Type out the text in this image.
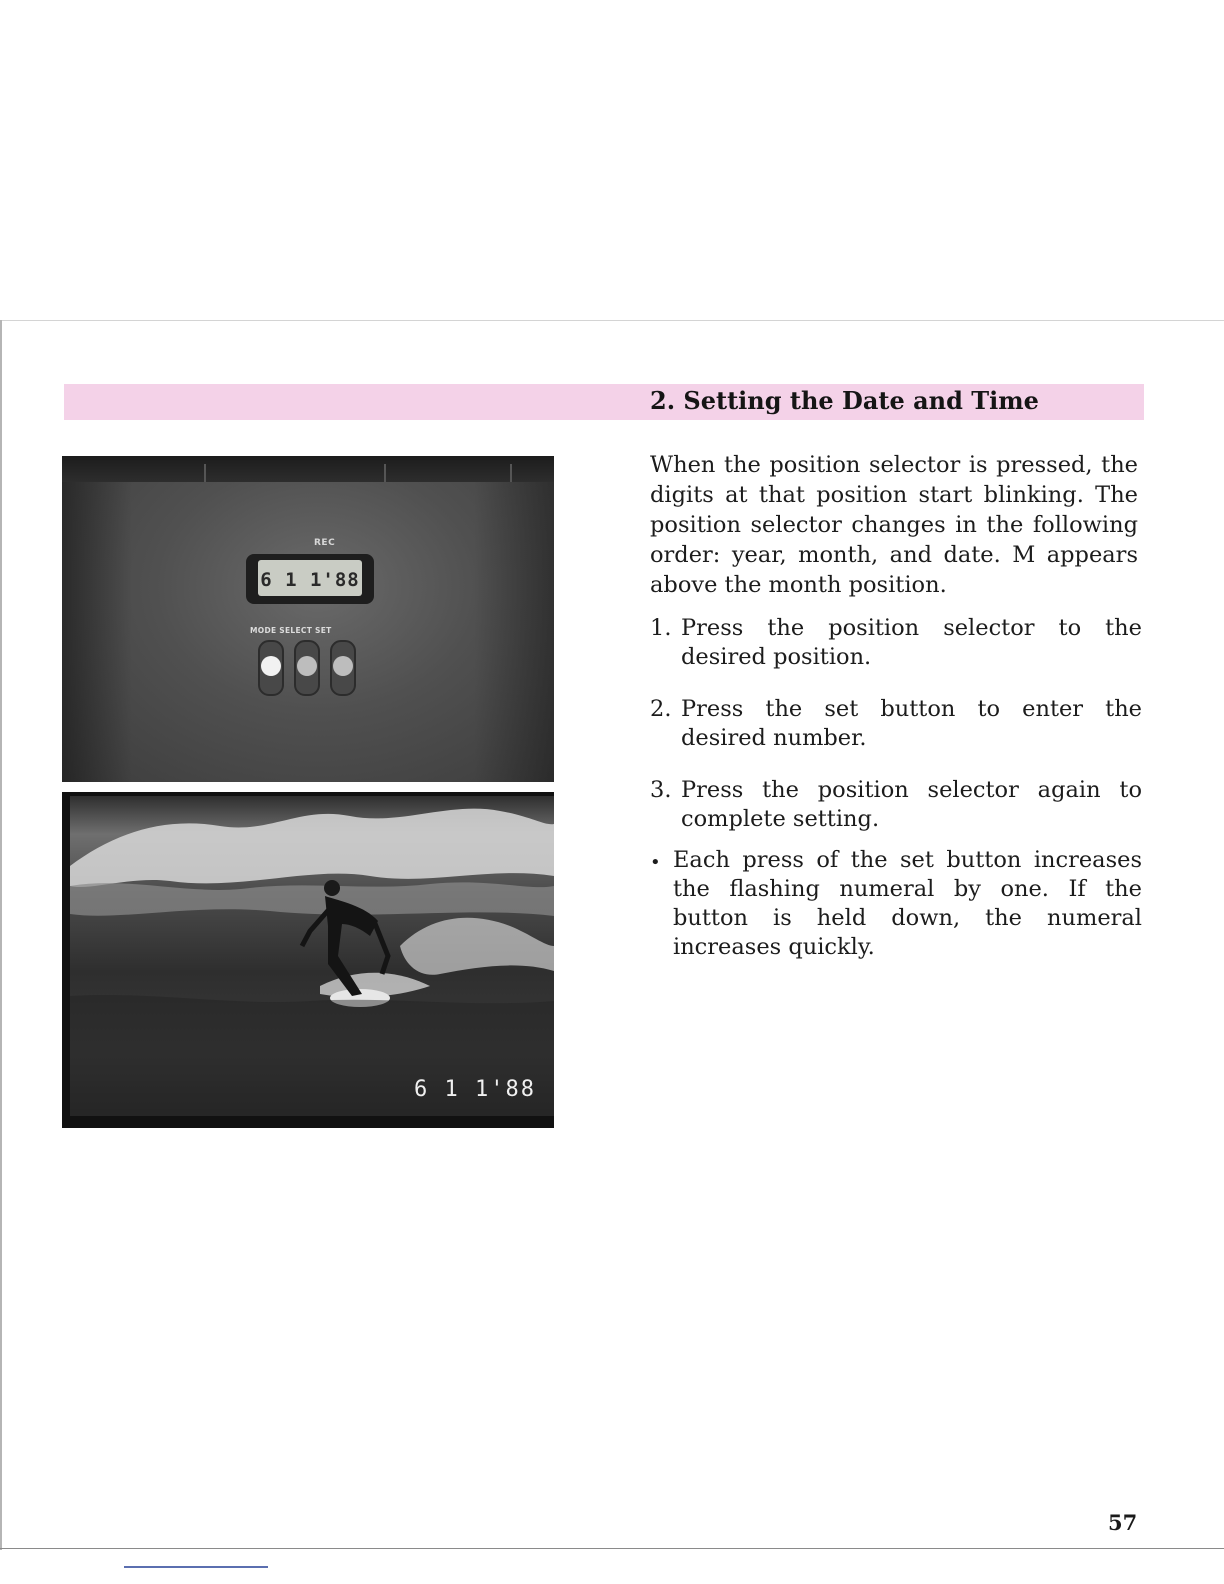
2. Setting the Date and Time
REC
6 1 1'88
MODE SELECT SET
6 1 1'88

When the position selector is pressed, the digits at that position start blinking. The position selector changes in the following order: year, month, and date. M appears above the month position.

1. Press the position selector to the desired position.
2. Press the set button to enter the desired number.
3. Press the position selector again to complete setting.
• Each press of the set button increases the flashing numeral by one. If the button is held down, the numeral increases quickly.
57
